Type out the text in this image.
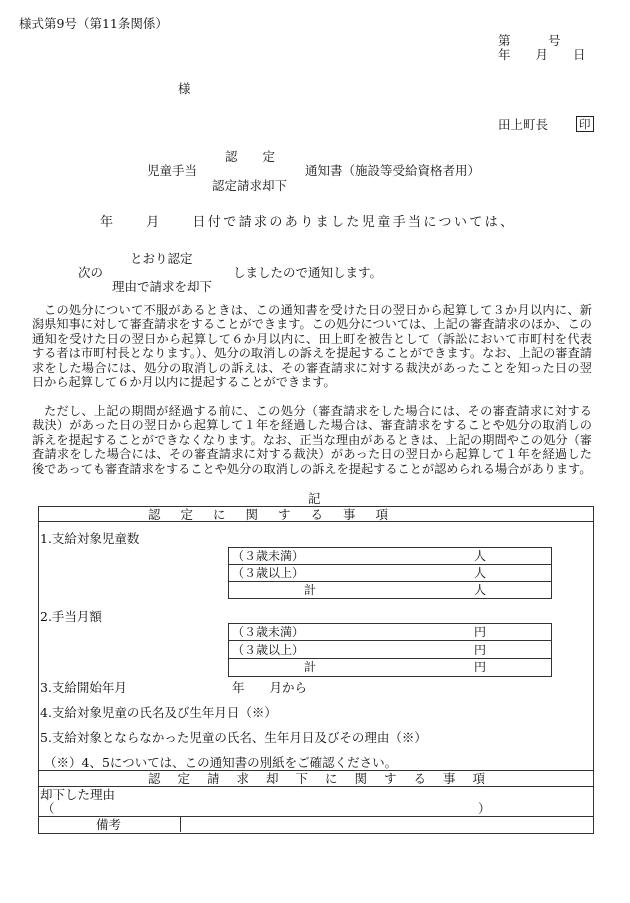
様式第9号（第11条関係）
第　　　号
年　　月　　日
様
田上町長	印
認　　定
児童手当	通知書（施設等受給資格者用）
認定請求却下
年　　月　　日付で請求のありました児童手当については、
とおり認定
次の	しましたので通知します。
理由で請求を却下
この処分について不服があるときは、この通知書を受けた日の翌日から起算して３か月以内に、新潟県知事に対して審査請求をすることができます。この処分については、上記の審査請求のほか、この通知を受けた日の翌日から起算して６か月以内に、田上町を被告として（訴訟において市町村を代表する者は市町村長となります。）、処分の取消しの訴えを提起することができます。なお、上記の審査請求をした場合には、処分の取消しの訴えは、その審査請求に対する裁決があったことを知った日の翌日から起算して６か月以内に提起することができます。
ただし、上記の期間が経過する前に、この処分（審査請求をした場合には、その審査請求に対する裁決）があった日の翌日から起算して１年を経過した場合は、審査請求をすることや処分の取消しの訴えを提起することができなくなります。なお、正当な理由があるときは、上記の期間やこの処分（審査請求をした場合には、その審査請求に対する裁決）があった日の翌日から起算して１年を経過した後であっても審査請求をすることや処分の取消しの訴えを提起することが認められる場合があります。
記
認定に関する事項
1.支給対象児童数
（３歳未満）	人
（３歳以上）	人
計	人
2.手当月額
（３歳未満）	円
（３歳以上）	円
計	円
3.支給開始年月	年　　月から
4.支給対象児童の氏名及び生年月日（※）
5.支給対象とならなかった児童の氏名、生年月日及びその理由（※）
（※）4、5については、この通知書の別紙をご確認ください。
認定請求却下に関する事項
却下した理由
（	）
備考
